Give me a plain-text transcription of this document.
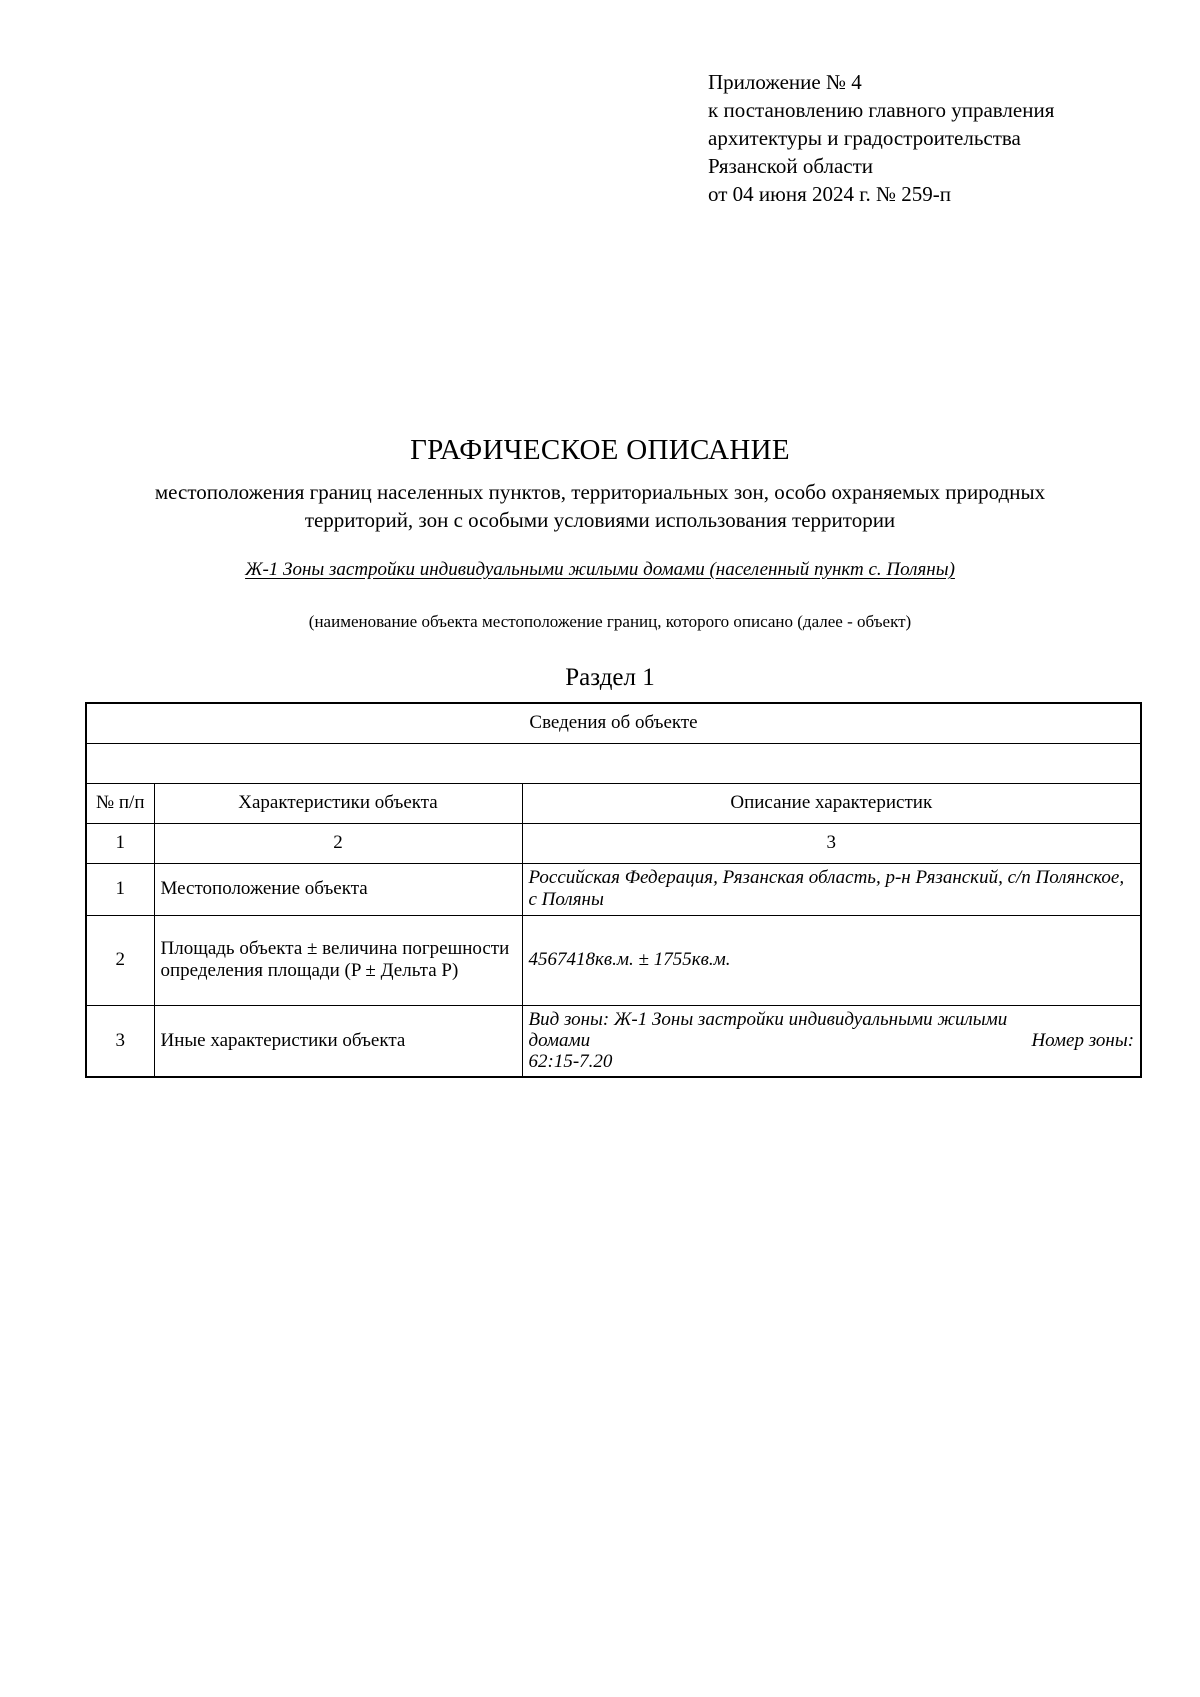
Приложение № 4
к постановлению главного управления
архитектуры и градостроительства
Рязанской области
от 04 июня 2024 г. № 259-п
ГРАФИЧЕСКОЕ ОПИСАНИЕ
местоположения границ населенных пунктов, территориальных зон, особо охраняемых природных
территорий, зон с особыми условиями использования территории
Ж-1 Зоны застройки индивидуальными жилыми домами (населенный пункт с. Поляны)
(наименование объекта местоположение границ, которого описано (далее - объект)
Раздел 1
Сведения об объекте		

№ п/п	Характеристики объекта	Описание характеристик
1	2	3
1	Местоположение объекта	Российская Федерация, Рязанская область, р-н Рязанский, с/п Полянское, с Поляны
2	Площадь объекта ± величина погрешности определения площади (P ± Дельта P)	4567418кв.м. ± 1755кв.м.
3	Иные характеристики объекта	Вид зоны: Ж-1 Зоны застройки индивидуальными жилыми
домами Номер зоны:
62:15-7.20
